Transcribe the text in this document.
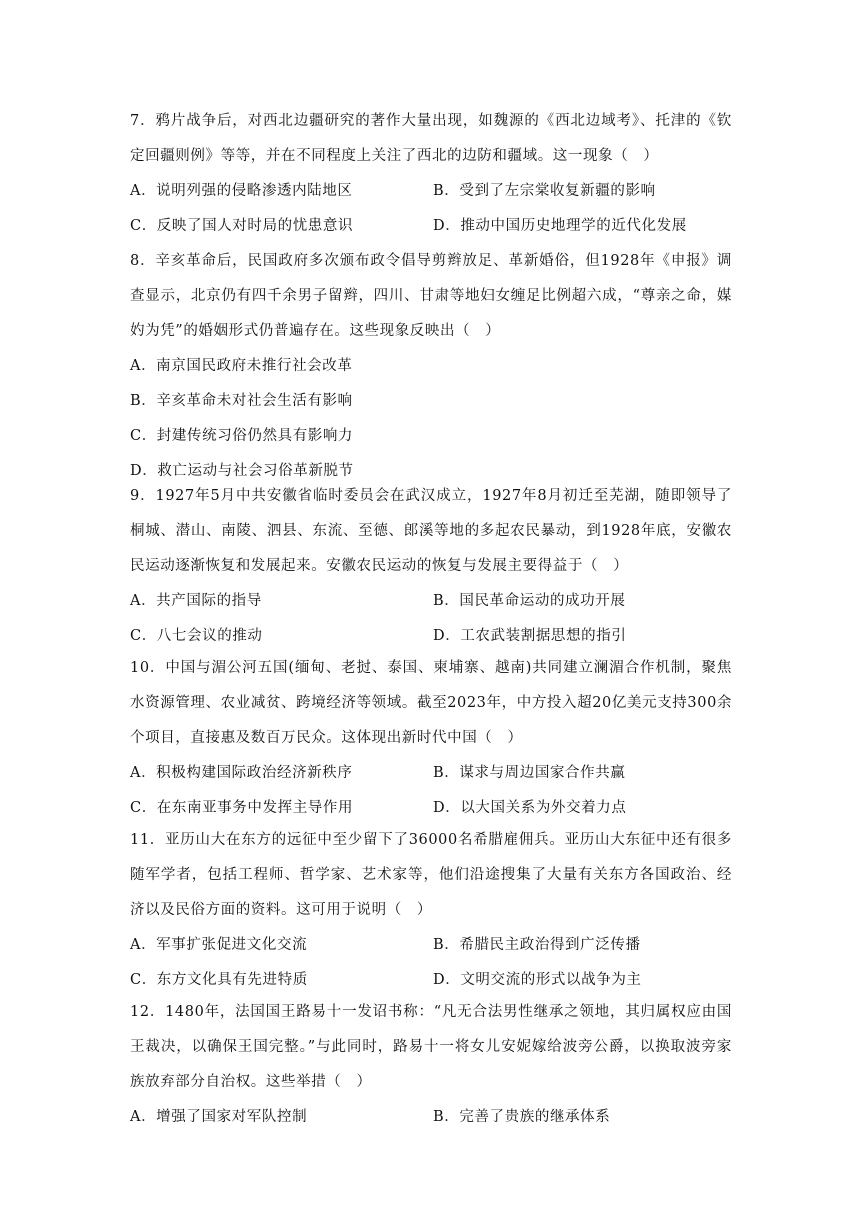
7．鸦片战争后，对西北边疆研究的著作大量出现，如魏源的《西北边域考》、托津的《钦定回疆则例》等等，并在不同程度上关注了西北的边防和疆域。这一现象（　）

A．说明列强的侵略渗透内陆地区	B．受到了左宗棠收复新疆的影响
C．反映了国人对时局的忧患意识	D．推动中国历史地理学的近代化发展

8．辛亥革命后，民国政府多次颁布政令倡导剪辫放足、革新婚俗，但1928年《申报》调查显示，北京仍有四千余男子留辫，四川、甘肃等地妇女缠足比例超六成，“尊亲之命，媒妁为凭”的婚姻形式仍普遍存在。这些现象反映出（　）

A．南京国民政府未推行社会改革
B．辛亥革命未对社会生活有影响
C．封建传统习俗仍然具有影响力
D．救亡运动与社会习俗革新脱节

9．1927年5月中共安徽省临时委员会在武汉成立，1927年8月初迁至芜湖，随即领导了桐城、潜山、南陵、泗县、东流、至德、郎溪等地的多起农民暴动，到1928年底，安徽农民运动逐渐恢复和发展起来。安徽农民运动的恢复与发展主要得益于（　）

A．共产国际的指导	B．国民革命运动的成功开展
C．八七会议的推动	D．工农武装割据思想的指引

10．中国与湄公河五国(缅甸、老挝、泰国、柬埔寨、越南)共同建立澜湄合作机制，聚焦水资源管理、农业减贫、跨境经济等领域。截至2023年，中方投入超20亿美元支持300余个项目，直接惠及数百万民众。这体现出新时代中国（　）

A．积极构建国际政治经济新秩序	B．谋求与周边国家合作共赢
C．在东南亚事务中发挥主导作用	D．以大国关系为外交着力点

11．亚历山大在东方的远征中至少留下了36000名希腊雇佣兵。亚历山大东征中还有很多随军学者，包括工程师、哲学家、艺术家等，他们沿途搜集了大量有关东方各国政治、经济以及民俗方面的资料。这可用于说明（　）

A．军事扩张促进文化交流	B．希腊民主政治得到广泛传播
C．东方文化具有先进特质	D．文明交流的形式以战争为主

12．1480年，法国国王路易十一发诏书称：“凡无合法男性继承之领地，其归属权应由国王裁决，以确保王国完整。”与此同时，路易十一将女儿安妮嫁给波旁公爵，以换取波旁家族放弃部分自治权。这些举措（　）

A．增强了国家对军队控制	B．完善了贵族的继承体系
